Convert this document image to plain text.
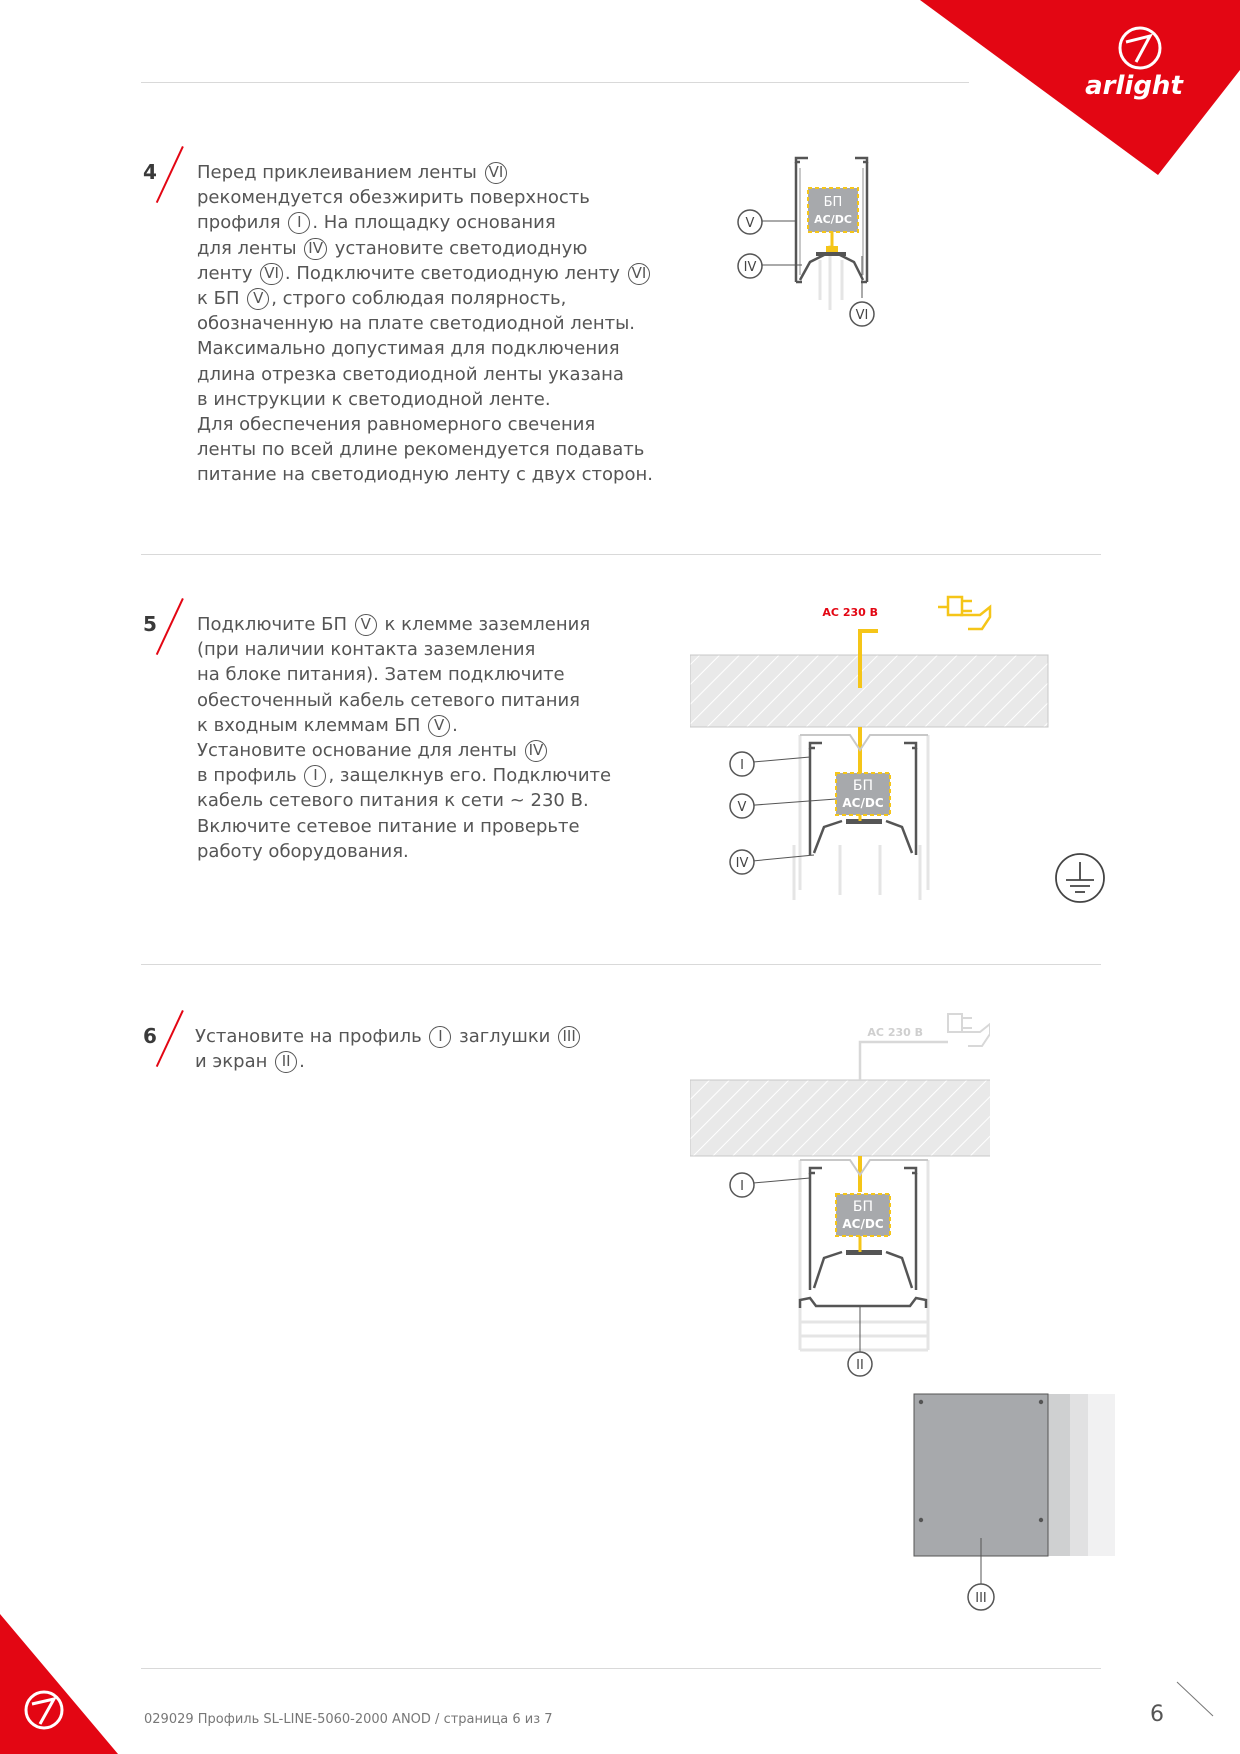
arlight
4 Перед приклеиванием ленты VI
рекомендуется обезжирить поверхность
профиля I . На площадку основания
для ленты IV установите светодиодную
ленту VI . Подключите светодиодную ленту VI
к БП V , строго соблюдая полярность,
обозначенную на плате светодиодной ленты.
Максимально допустимая для подключения
длина отрезка светодиодной ленты указана
в инструкции к светодиодной ленте.
Для обеспечения равномерного свечения
ленты по всей длине рекомендуется подавать
питание на светодиодную ленту с двух сторон.
5 Подключите БП V к клемме заземления
(при наличии контакта заземления
на блоке питания). Затем подключите
обесточенный кабель сетевого питания
к входным клеммам БП V .
Установите основание для ленты IV
в профиль I , защелкнув его. Подключите
кабель сетевого питания к сети ~ 230 В.
Включите сетевое питание и проверьте
работу оборудования.
6 Установите на профиль I заглушки III
и экран II .
БП
AC/DC
V
IV
VI
AC 230 В
БП
AC/DC
I
V
IV
AC 230 В
БП
AC/DC
I
II
III
029029 Профиль SL-LINE-5060-2000 ANOD / страница 6 из 7	6
